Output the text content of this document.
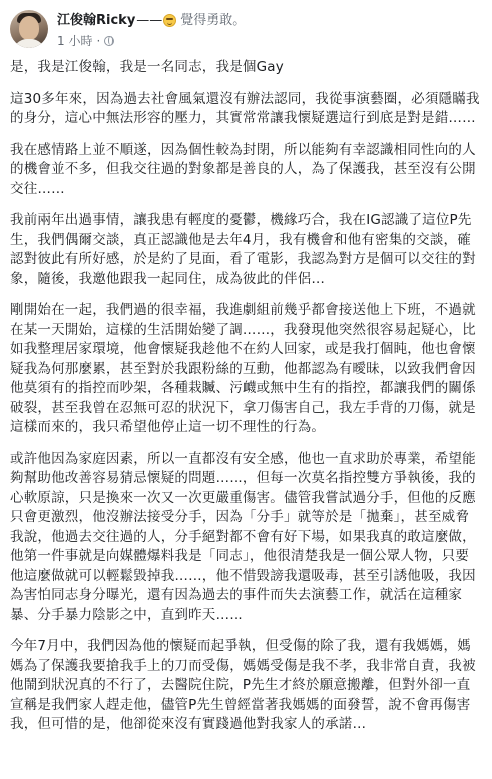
江俊翰Ricky —— 覺得勇敢。
1 小時 ·

是，我是江俊翰，我是一名同志，我是個Gay

這30多年來，因為過去社會風氣還沒有辦法認同，我從事演藝圈，必須隱瞞我的身分，這心中無法形容的壓力，其實常常讓我懷疑選這行到底是對是錯……

我在感情路上並不順遂，因為個性較為封閉，所以能夠有幸認識相同性向的人的機會並不多，但我交往過的對象都是善良的人，為了保護我，甚至沒有公開交往……

我前兩年出過事情，讓我患有輕度的憂鬱，機緣巧合，我在IG認識了這位P先生，我們偶爾交談，真正認識他是去年4月，我有機會和他有密集的交談，確認對彼此有所好感，於是約了見面，看了電影，我認為對方是個可以交往的對象，隨後，我邀他跟我一起同住，成為彼此的伴侶…

剛開始在一起，我們過的很幸福，我進劇組前幾乎都會接送他上下班，不過就在某一天開始，這樣的生活開始變了調……，我發現他突然很容易起疑心，比如我整理居家環境，他會懷疑我趁他不在約人回家，或是我打個盹，他也會懷疑我為何那麼累，甚至對於我跟粉絲的互動，他都認為有曖昧，以致我們會因他莫須有的指控而吵架，各種栽贓、污衊或無中生有的指控，都讓我們的關係破裂，甚至我曾在忍無可忍的狀況下，拿刀傷害自己，我左手背的刀傷，就是這樣而來的，我只希望他停止這一切不理性的行為。

或許他因為家庭因素，所以一直都沒有安全感，他也一直求助於專業，希望能夠幫助他改善容易猜忌懷疑的問題……，但每一次莫名指控雙方爭執後，我的心軟原諒，只是換來一次又一次更嚴重傷害。儘管我嘗試過分手，但他的反應只會更激烈，他沒辦法接受分手，因為「分手」就等於是「拋棄」，甚至威脅我說，他過去交往過的人，分手絕對都不會有好下場，如果我真的敢這麼做，他第一件事就是向媒體爆料我是「同志」，他很清楚我是一個公眾人物，只要他這麼做就可以輕鬆毀掉我……，他不惜毀謗我還吸毒，甚至引誘他吸，我因為害怕同志身分曝光，還有因為過去的事件而失去演藝工作，就活在這種家暴、分手暴力陰影之中，直到昨天……

今年7月中，我們因為他的懷疑而起爭執，但受傷的除了我，還有我媽媽，媽媽為了保護我要搶我手上的刀而受傷，媽媽受傷是我不孝，我非常自責，我被他鬧到狀況真的不行了，去醫院住院，P先生才終於願意搬離，但對外卻一直宣稱是我們家人趕走他，儘管P先生曾經當著我媽媽的面發誓，說不會再傷害我，但可惜的是，他卻從來沒有實踐過他對我家人的承諾…
